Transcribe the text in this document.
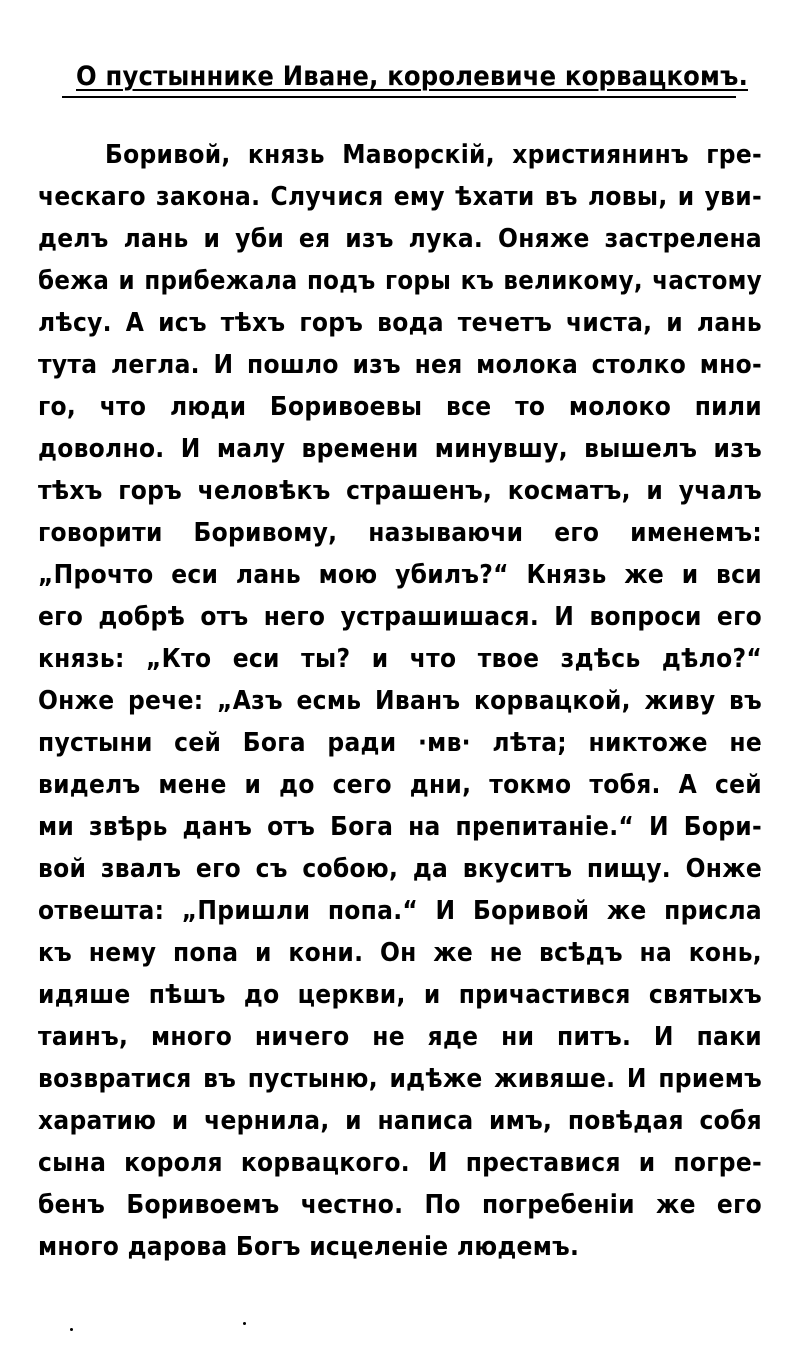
О пустыннике Иване, королевиче корвацкомъ.
Боривой, князь Маворскій, християнинъ гре-
ческаго закона. Случися ему ѣхати въ ловы, и уви-
делъ лань и уби ея изъ лука. Оняже застрелена
бежа и прибежала подъ горы къ великому, частому
лѣсу. А исъ тѣхъ горъ вода течетъ чиста, и лань
тута легла. И пошло изъ нея молока столко мно-
го, что люди Боривоевы все то молоко пили
доволно. И малу времени минувшу, вышелъ изъ
тѣхъ горъ человѣкъ страшенъ, косматъ, и учалъ
говорити Боривому, называючи его именемъ:
„Прочто еси лань мою убилъ?“ Князь же и вси
его добрѣ отъ него устрашишася. И вопроси его
князь: „Кто еси ты? и что твое здѣсь дѣло?“
Онже рече: „Азъ есмь Иванъ корвацкой, живу въ
пустыни сей Бога ради ·мв· лѣта; никтоже не
виделъ мене и до сего дни, токмо тобя. А сей
ми звѣрь данъ отъ Бога на препитаніе.“ И Бори-
вой звалъ его съ собою, да вкуситъ пищу. Онже
отвешта: „Пришли попа.“ И Боривой же присла
къ нему попа и кони. Он же не всѣдъ на конь,
идяше пѣшъ до церкви, и причастився святыхъ
таинъ, много ничего не яде ни питъ. И паки
возвратися въ пустыню, идѣже живяше. И приемъ
харатию и чернила, и написа имъ, повѣдая собя
сына короля корвацкого. И преставися и погре-
бенъ Боривоемъ честно. По погребеніи же его
много дарова Богъ исцеленіе людемъ.
